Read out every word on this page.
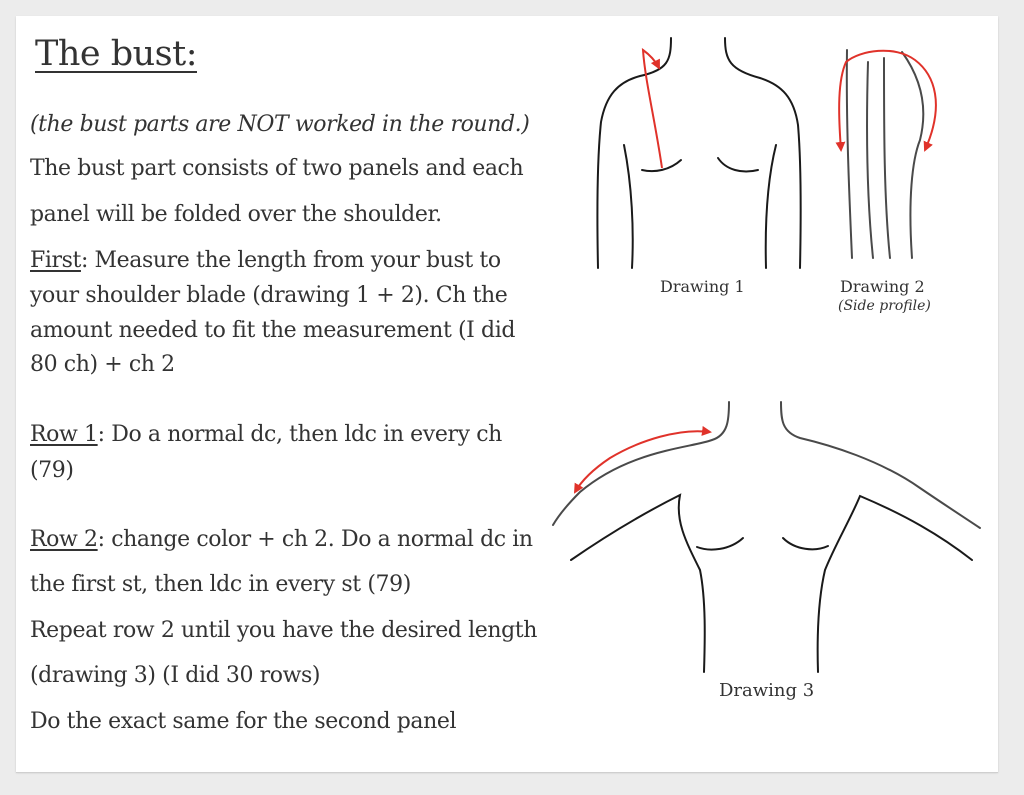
The bust:
(the bust parts are NOT worked in the round.)
The bust part consists of two panels and each
panel will be folded over the shoulder.
First: Measure the length from your bust to
your shoulder blade (drawing 1 + 2). Ch the
amount needed to fit the measurement (I did
80 ch) + ch 2
Row 1: Do a normal dc, then ldc in every ch
(79)
Row 2: change color + ch 2. Do a normal dc in
the first st, then ldc in every st (79)
Repeat row 2 until you have the desired length
(drawing 3) (I did 30 rows)
Do the exact same for the second panel
Drawing 1	Drawing 2
(Side profile)
Drawing 3
